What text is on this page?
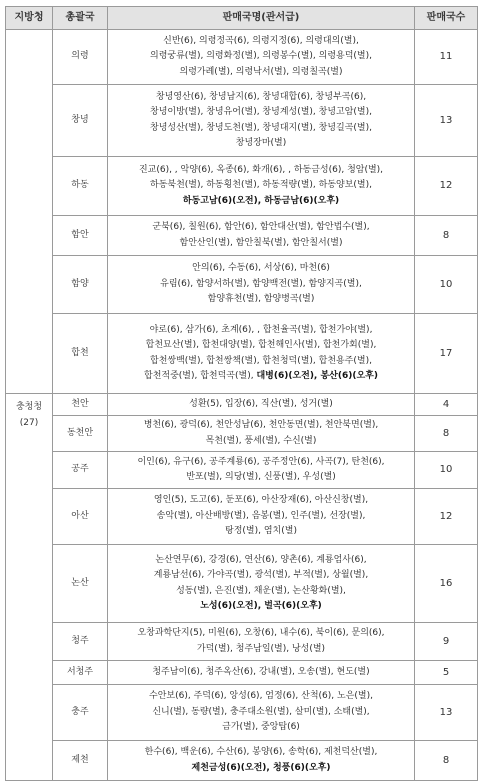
지방청	총괄국	판매국명(관서급)	판매국수
	의령	신반(6), 의령정곡(6), 의령지정(6), 의령대의(별),
의령궁류(별), 의령화정(별), 의령봉수(별), 의령용덕(별),
의령가례(별), 의령낙서(별), 의령칠곡(별)	11
	창녕	창녕영산(6), 창녕남지(6), 창녕대합(6), 창녕부곡(6),
창녕이방(별), 창녕유어(별), 창녕계성(별), 창녕고암(별),
창녕성산(별), 창녕도천(별), 창녕대지(별), 창녕길곡(별),
창녕장마(별)	13
	하동	진교(6), , 악양(6), 옥종(6), 화개(6), , 하동금성(6), 청암(별),
하동북천(별), 하동횡천(별), 하동적량(별), 하동양보(별),
하동고남(6)(오전), 하동금남(6)(오후)	12
	함안	군북(6), 칠원(6), 함안(6), 함안대산(별), 함안법수(별),
함안산인(별), 함안칠북(별), 함안칠서(별)	8
	함양	안의(6), 수동(6), 서상(6), 마천(6)
유림(6), 함양서하(별), 함양백전(별), 함양지곡(별),
함양휴천(별), 함양병곡(별)	10
	합천	야로(6), 삼가(6), 초계(6), , 합천율곡(별), 합천가야(별),
합천묘산(별), 합천대양(별), 합천해인사(별), 합천가회(별),
합천쌍백(별), 합천쌍책(별), 합천청덕(별), 합천용주(별),
합천적중(별), 합천덕곡(별), 대병(6)(오전), 봉산(6)(오후)	17

충청청
(27)	천안	성환(5), 입장(6), 직산(별), 성거(별)	4
	동천안	병천(6), 광덕(6), 천안성남(6), 천안동면(별), 천안북면(별),
목천(별), 풍세(별), 수신(별)	8
	공주	이인(6), 유구(6), 공주계룡(6), 공주정안(6), 사곡(7), 탄천(6),
반포(별), 의당(별), 신풍(별), 우성(별)	10
	아산	영인(5), 도고(6), 둔포(6), 아산장재(6), 아산신창(별),
송악(별), 아산배방(별), 음봉(별), 인주(별), 선장(별),
탕정(별), 염치(별)	12
	논산	논산연무(6), 강경(6), 연산(6), 양촌(6), 계룡엄사(6),
계룡남선(6), 가야곡(별), 광석(별), 부적(별), 상월(별),
성동(별), 은진(별), 채운(별), 논산황화(별),
노성(6)(오전), 벌곡(6)(오후)	16
	청주	오창과학단지(5), 미원(6), 오창(6), 내수(6), 북이(6), 문의(6),
가덕(별), 청주남일(별), 낭성(별)	9
	서청주	청주남이(6), 청주옥산(6), 강내(별), 오송(별), 현도(별)	5
	충주	수안보(6), 주덕(6), 앙성(6), 엄정(6), 산척(6), 노은(별),
신니(별), 동량(별), 충주대소원(별), 살미(별), 소태(별),
금가(별), 중앙탑(6)	13
	제천	한수(6), 백운(6), 수산(6), 봉양(6), 송학(6), 제천덕산(별),
제천금성(6)(오전), 청풍(6)(오후)	8
